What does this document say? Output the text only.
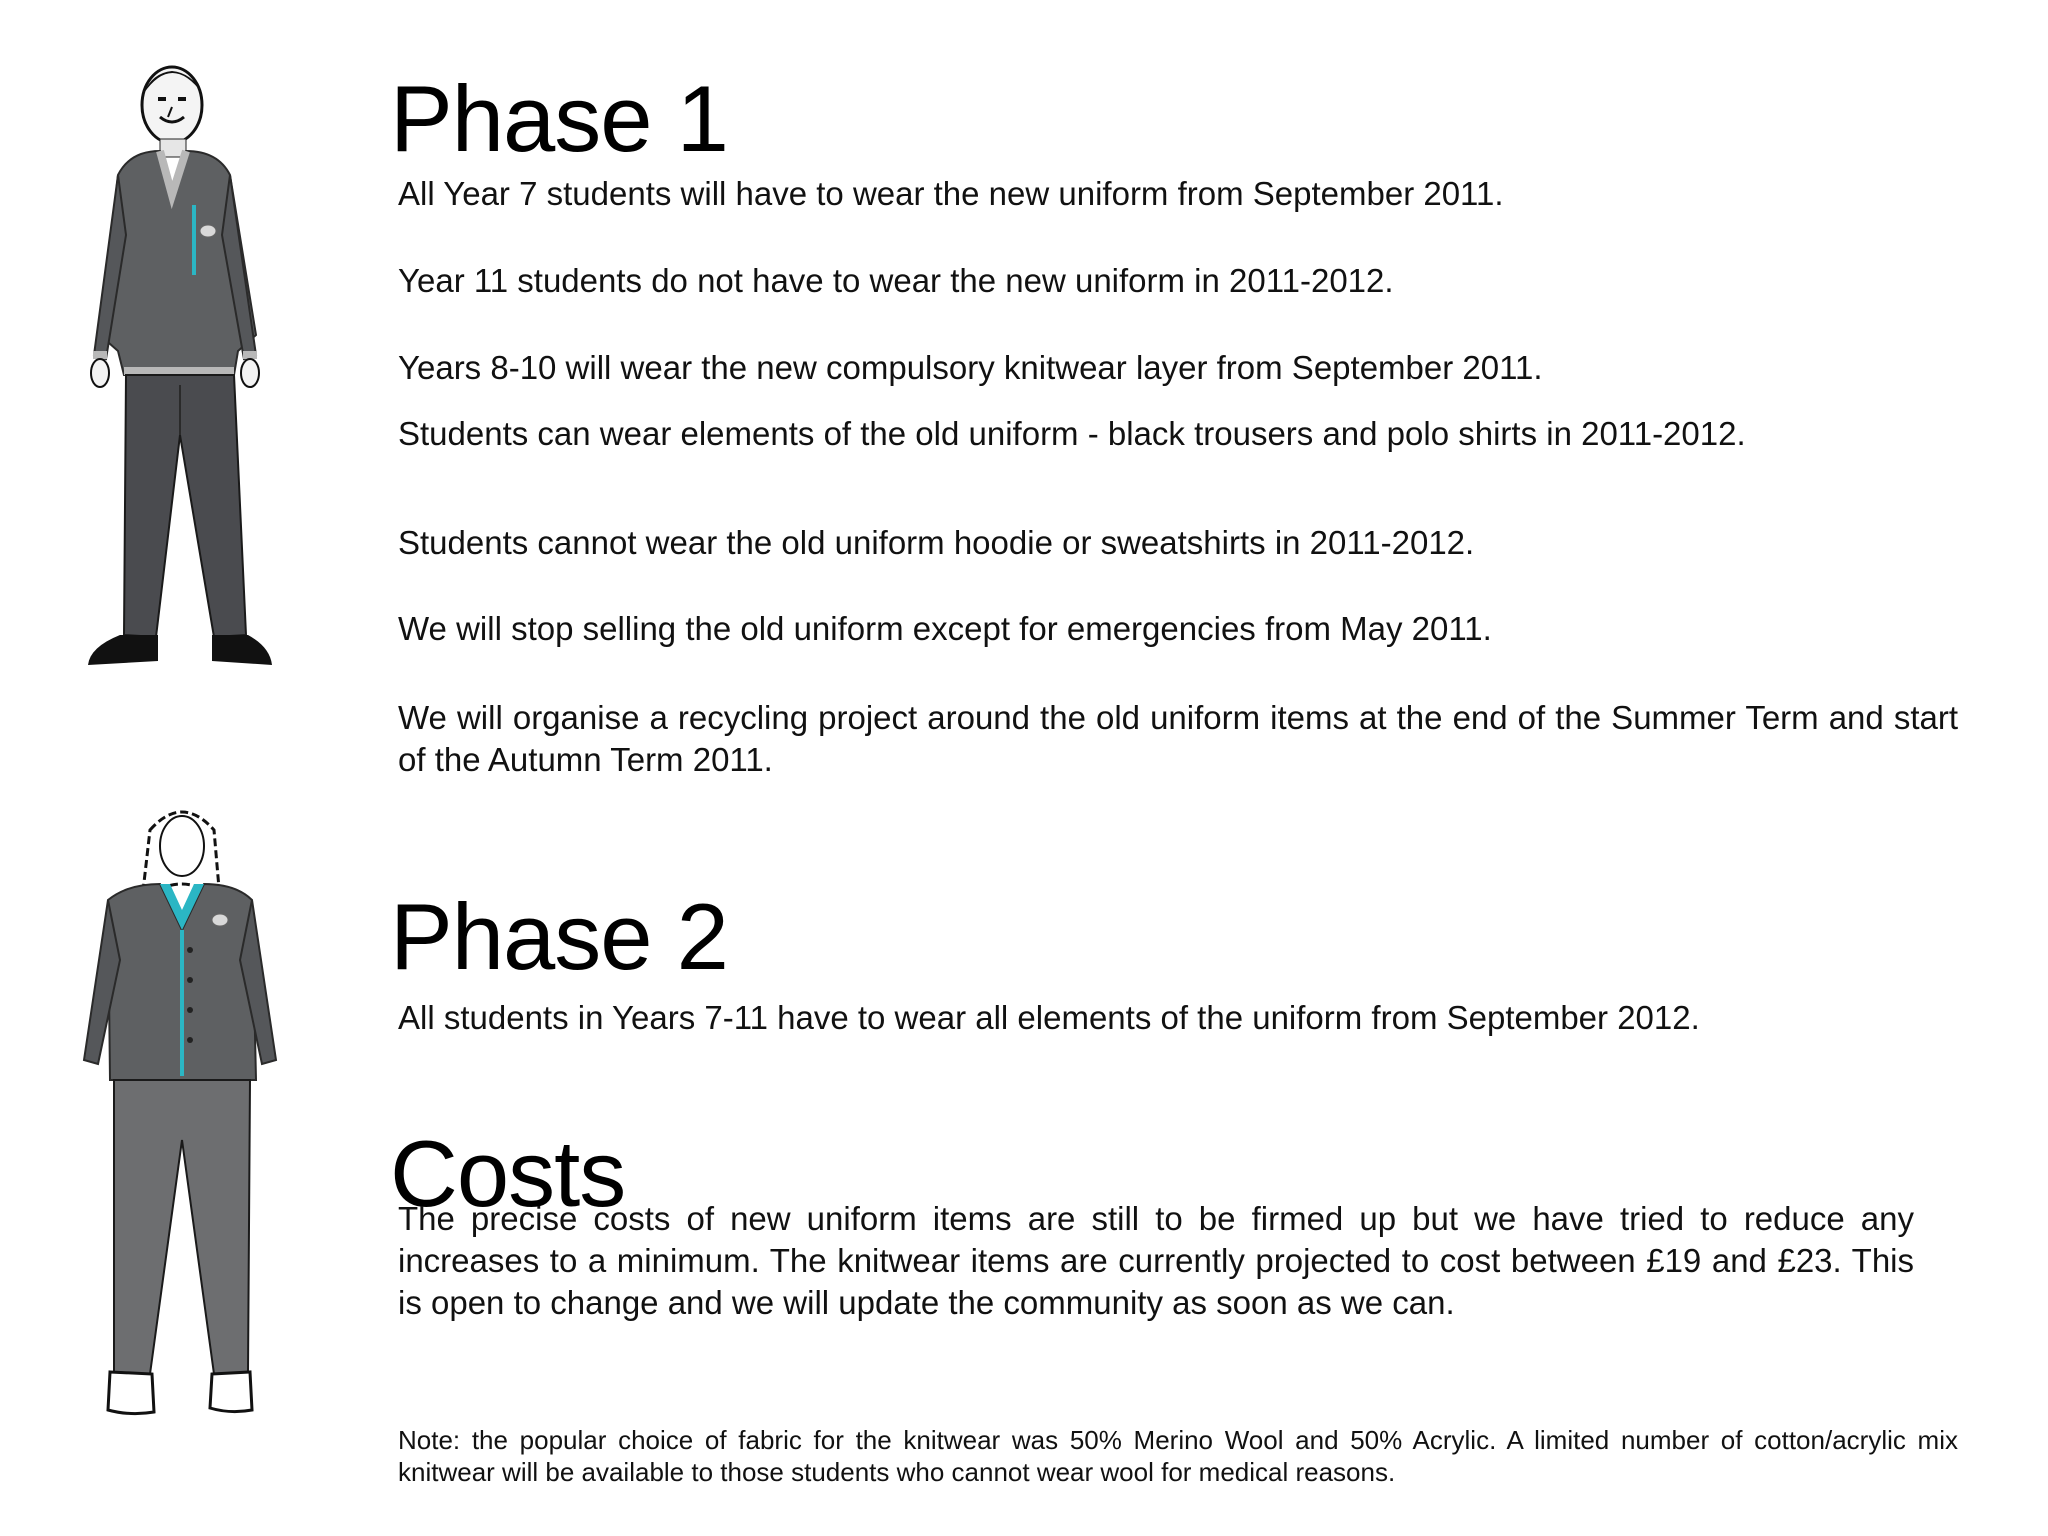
Phase 1

All Year 7 students will have to wear the new uniform from September 2011.

Year 11 students do not have to wear the new uniform in 2011-2012.

Years 8-10 will wear the new compulsory knitwear layer from September 2011.

Students can wear elements of the old uniform - black trousers and polo shirts in 2011-2012.

Students cannot wear the old uniform hoodie or sweatshirts in 2011-2012.

We will stop selling the old uniform except for emergencies from May 2011.

We will organise a recycling project around the old uniform items at the end of the Summer Term and start of the Autumn Term 2011.

Phase 2

All students in Years 7-11 have to wear all elements of the uniform from September 2012.

Costs

The precise costs of new uniform items are still to be firmed up but we have tried to reduce any increases to a minimum. The knitwear items are currently projected to cost between £19 and £23. This is open to change and we will update the community as soon as we can.

Note: the popular choice of fabric for the knitwear was 50% Merino Wool and 50% Acrylic. A limited number of cotton/acrylic mix knitwear will be available to those students who cannot wear wool for medical reasons.
